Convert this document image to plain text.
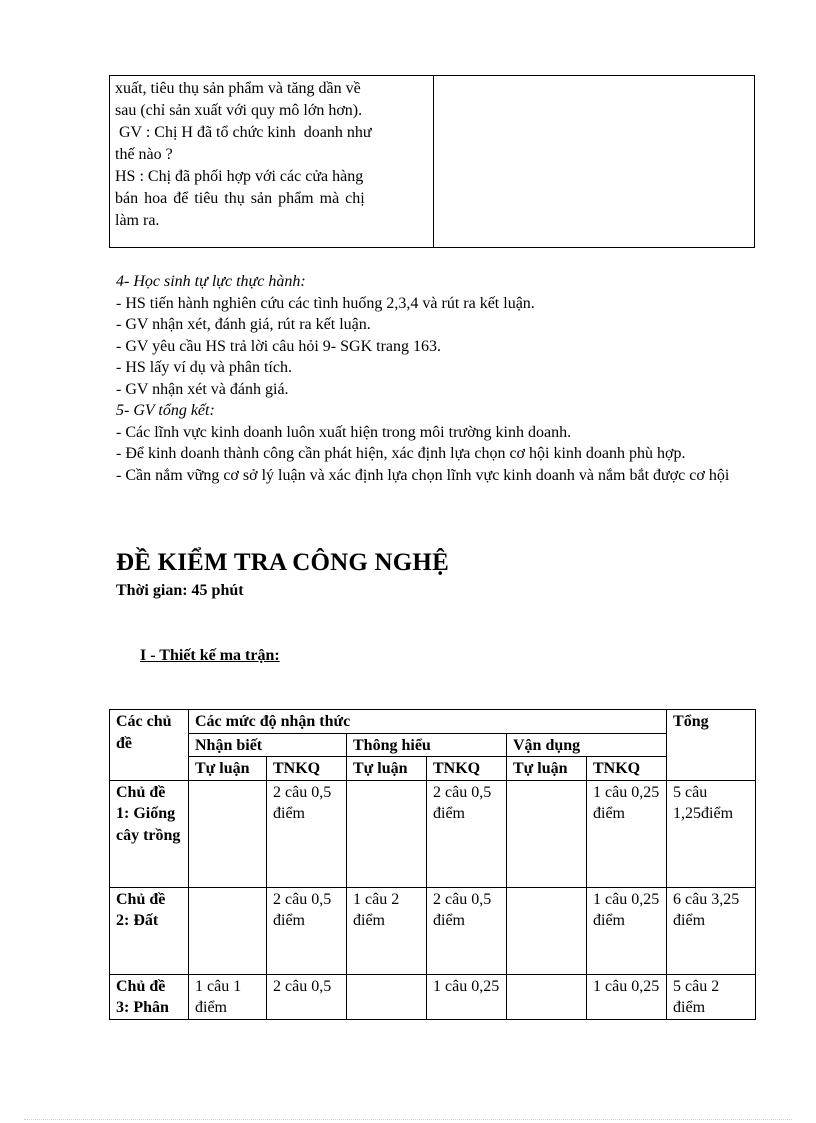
xuất, tiêu thụ sản phẩm và tăng dần về
sau (chỉ sản xuất với quy mô lớn hơn).
GV : Chị H đã tổ chức kinh  doanh như
thế nào ?
HS : Chị đã phối hợp với các cửa hàng
bán hoa để tiêu thụ sản phẩm mà chị
làm ra.
4- Học sinh tự lực thực hành:
- HS tiến hành nghiên cứu các tình huống 2,3,4 và rút ra kết luận.
- GV nhận xét, đánh giá, rút ra kết luận.
- GV yêu cầu HS trả lời câu hỏi 9- SGK trang 163.
- HS lấy ví dụ và phân tích.
- GV nhận xét và đánh giá.
5- GV tổng kết:
- Các lĩnh vực kinh doanh luôn xuất hiện trong môi trường kinh doanh.
- Để kinh doanh thành công cần phát hiện, xác định lựa chọn cơ hội kinh doanh phù hợp.
- Cần nắm vững cơ sở lý luận và xác định lựa chọn lĩnh vực kinh doanh và nắm bắt được cơ hội
ĐỀ KIỂM TRA CÔNG NGHỆ
Thời gian: 45 phút
I - Thiết kế ma trận:
Các chủ đề	Các mức độ nhận thức						Tổng
	Nhận biết		Thông hiểu		Vận dụng		
	Tự luận	TNKQ	Tự luận	TNKQ	Tự luận	TNKQ	
Chủ đề 1: Giống cây trồng		2 câu 0,5 điểm		2 câu 0,5 điểm		1 câu 0,25 điểm	5 câu 1,25điểm
Chủ đề 2: Đất		2 câu 0,5 điểm	1 câu 2 điểm	2 câu 0,5 điểm		1 câu 0,25 điểm	6 câu 3,25 điểm
Chủ đề 3: Phân	1 câu 1 điểm	2 câu 0,5		1 câu 0,25		1 câu 0,25	5 câu 2 điểm
